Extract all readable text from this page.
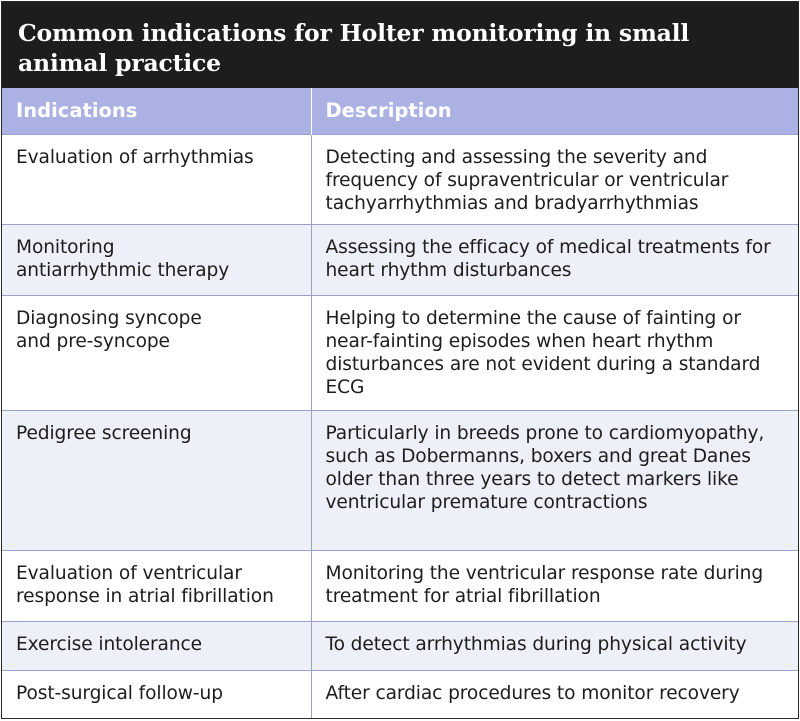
Common indications for Holter monitoring in small animal practice
Indications	Description
Evaluation of arrhythmias	Detecting and assessing the severity and frequency of supraventricular or ventricular tachyarrhythmias and bradyarrhythmias
Monitoring antiarrhythmic therapy	Assessing the efficacy of medical treatments for heart rhythm disturbances
Diagnosing syncope and pre-syncope	Helping to determine the cause of fainting or near-fainting episodes when heart rhythm disturbances are not evident during a standard ECG
Pedigree screening	Particularly in breeds prone to cardiomyopathy, such as Dobermanns, boxers and great Danes older than three years to detect markers like ventricular premature contractions
Evaluation of ventricular response in atrial fibrillation	Monitoring the ventricular response rate during treatment for atrial fibrillation
Exercise intolerance	To detect arrhythmias during physical activity
Post-surgical follow-up	After cardiac procedures to monitor recovery
